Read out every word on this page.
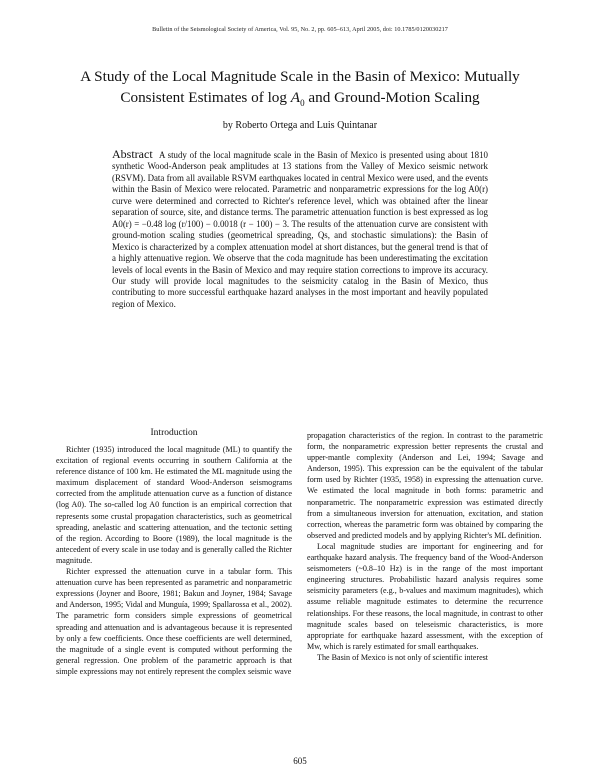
Bulletin of the Seismological Society of America, Vol. 95, No. 2, pp. 605–613, April 2005, doi: 10.1785/0120030217
A Study of the Local Magnitude Scale in the Basin of Mexico: Mutually
Consistent Estimates of $\log A_0$ and Ground-Motion Scaling
by Roberto Ortega and Luis Quintanar
Abstract A study of the local magnitude scale in the Basin of Mexico is presented using about 1810 synthetic Wood-Anderson peak amplitudes at 13 stations from the Valley of Mexico seismic network (RSVM). Data from all available RSVM earthquakes located in central Mexico were used, and the events within the Basin of Mexico were relocated. Parametric and nonparametric expressions for the log A0(r) curve were determined and corrected to Richter's reference level, which was obtained after the linear separation of source, site, and distance terms. The parametric attenuation function is best expressed as log A0(r) = −0.48 log (r/100) − 0.0018 (r − 100) − 3. The results of the attenuation curve are consistent with ground-motion scaling studies (geometrical spreading, Qs, and stochastic simulations): the Basin of Mexico is characterized by a complex attenuation model at short distances, but the general trend is that of a highly attenuative region. We observe that the coda magnitude has been underestimating the excitation levels of local events in the Basin of Mexico and may require station corrections to improve its accuracy. Our study will provide local magnitudes to the seismicity catalog in the Basin of Mexico, thus contributing to more successful earthquake hazard analyses in the most important and heavily populated region of Mexico.
Introduction

Richter (1935) introduced the local magnitude (ML) to quantify the excitation of regional events occurring in southern California at the reference distance of 100 km. He estimated the ML magnitude using the maximum displacement of standard Wood-Anderson seismograms corrected from the amplitude attenuation curve as a function of distance (log A0). The so-called log A0 function is an empirical correction that represents some crustal propagation characteristics, such as geometrical spreading, anelastic and scattering attenuation, and the tectonic setting of the region. According to Boore (1989), the local magnitude is the antecedent of every scale in use today and is generally called the Richter magnitude.

Richter expressed the attenuation curve in a tabular form. This attenuation curve has been represented as parametric and nonparametric expressions (Joyner and Boore, 1981; Bakun and Joyner, 1984; Savage and Anderson, 1995; Vidal and Munguía, 1999; Spallarossa et al., 2002). The parametric form considers simple expressions of geometrical spreading and attenuation and is advantageous because it is represented by only a few coefficients. Once these coefficients are well determined, the magnitude of a single event is computed without performing the general regression. One problem of the parametric approach is that simple expressions may not entirely represent the complex seismic wave

propagation characteristics of the region. In contrast to the parametric form, the nonparametric expression better represents the crustal and upper-mantle complexity (Anderson and Lei, 1994; Savage and Anderson, 1995). This expression can be the equivalent of the tabular form used by Richter (1935, 1958) in expressing the attenuation curve. We estimated the local magnitude in both forms: parametric and nonparametric. The nonparametric expression was estimated directly from a simultaneous inversion for attenuation, excitation, and station correction, whereas the parametric form was obtained by comparing the observed and predicted models and by applying Richter's ML definition.

Local magnitude studies are important for engineering and for earthquake hazard analysis. The frequency band of the Wood-Anderson seismometers (~0.8–10 Hz) is in the range of the most important engineering structures. Probabilistic hazard analysis requires some seismicity parameters (e.g., b-values and maximum magnitudes), which assume reliable magnitude estimates to determine the recurrence relationships. For these reasons, the local magnitude, in contrast to other magnitude scales based on teleseismic characteristics, is more appropriate for earthquake hazard assessment, with the exception of Mw, which is rarely estimated for small earthquakes.

The Basin of Mexico is not only of scientific interest

605
